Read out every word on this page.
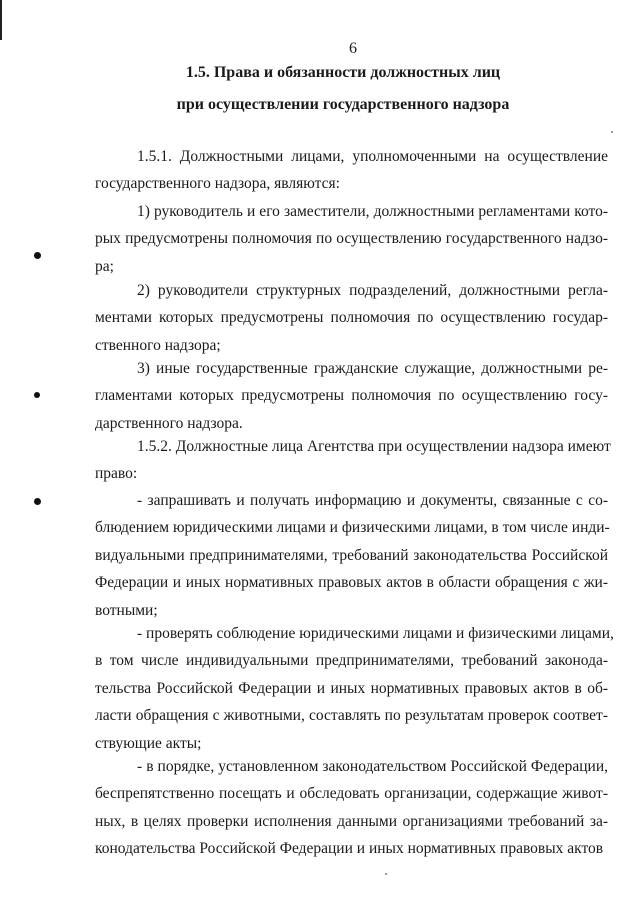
6
1.5. Права и обязанности должностных лиц
при осуществлении государственного надзора
1.5.1. Должностными лицами, уполномоченными на осуществление
государственного надзора, являются:
1) руководитель и его заместители, должностными регламентами кото-
рых предусмотрены полномочия по осуществлению государственного надзо-
ра;
2) руководители структурных подразделений, должностными регла-
ментами которых предусмотрены полномочия по осуществлению государ-
ственного надзора;
3) иные государственные гражданские служащие, должностными ре-
гламентами которых предусмотрены полномочия по осуществлению госу-
дарственного надзора.
1.5.2. Должностные лица Агентства при осуществлении надзора имеют
право:
- запрашивать и получать информацию и документы, связанные с со-
блюдением юридическими лицами и физическими лицами, в том числе инди-
видуальными предпринимателями, требований законодательства Российской
Федерации и иных нормативных правовых актов в области обращения с жи-
вотными;
- проверять соблюдение юридическими лицами и физическими лицами,
в том числе индивидуальными предпринимателями, требований законода-
тельства Российской Федерации и иных нормативных правовых актов в об-
ласти обращения с животными, составлять по результатам проверок соответ-
ствующие акты;
- в порядке, установленном законодательством Российской Федерации,
беспрепятственно посещать и обследовать организации, содержащие живот-
ных, в целях проверки исполнения данными организациями требований за-
конодательства Российской Федерации и иных нормативных правовых актов
